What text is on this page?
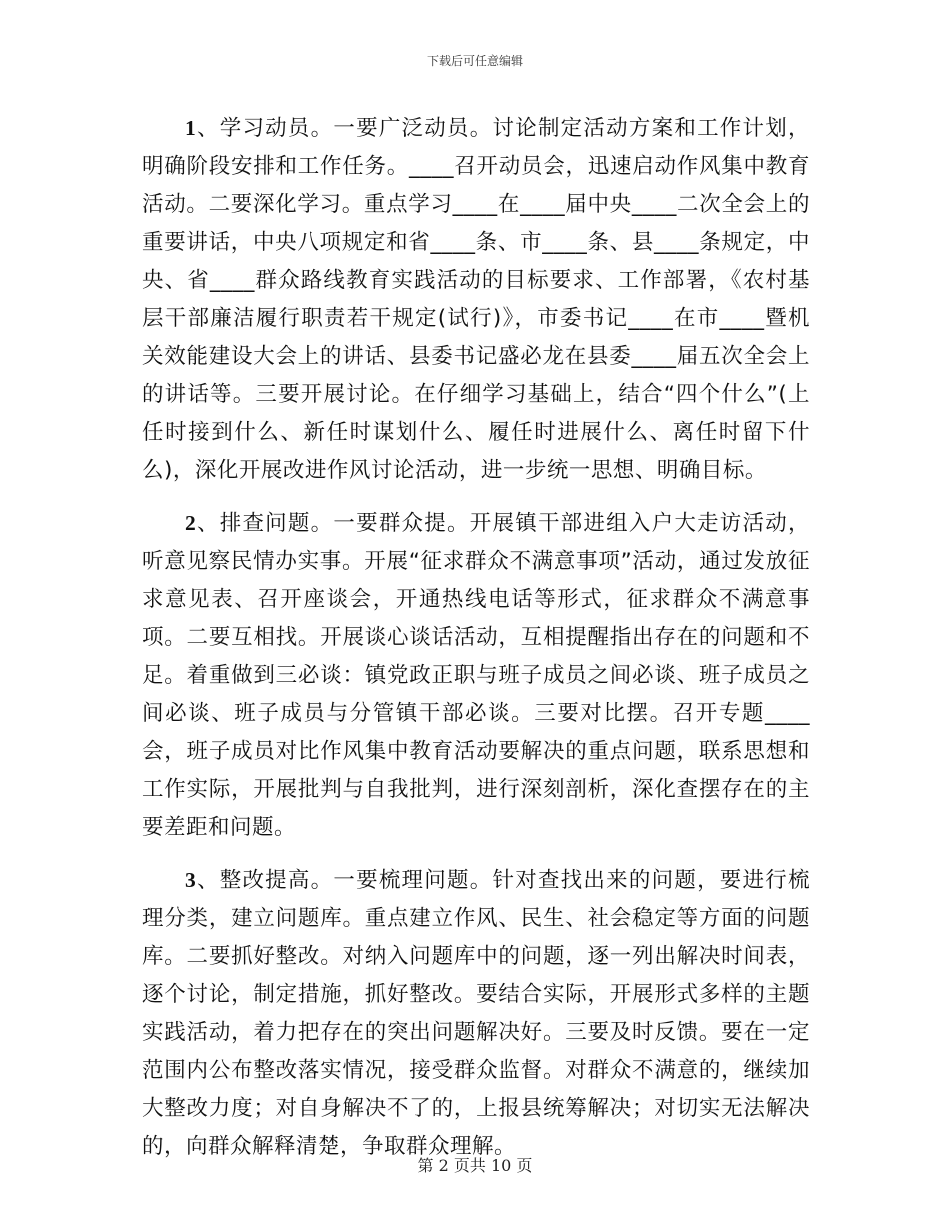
下载后可任意编辑

1、学习动员。一要广泛动员。讨论制定活动方案和工作计划，明确阶段安排和工作任务。____召开动员会，迅速启动作风集中教育活动。二要深化学习。重点学习____在____届中央____二次全会上的重要讲话，中央八项规定和省____条、市____条、县____条规定，中央、省____群众路线教育实践活动的目标要求、工作部署，《农村基层干部廉洁履行职责若干规定(试行)》，市委书记____在市____暨机关效能建设大会上的讲话、县委书记盛必龙在县委____届五次全会上的讲话等。三要开展讨论。在仔细学习基础上，结合“四个什么”(上任时接到什么、新任时谋划什么、履任时进展什么、离任时留下什么)，深化开展改进作风讨论活动，进一步统一思想、明确目标。

2、排查问题。一要群众提。开展镇干部进组入户大走访活动，听意见察民情办实事。开展“征求群众不满意事项”活动，通过发放征求意见表、召开座谈会，开通热线电话等形式，征求群众不满意事项。二要互相找。开展谈心谈话活动，互相提醒指出存在的问题和不足。着重做到三必谈：镇党政正职与班子成员之间必谈、班子成员之间必谈、班子成员与分管镇干部必谈。三要对比摆。召开专题____会，班子成员对比作风集中教育活动要解决的重点问题，联系思想和工作实际，开展批判与自我批判，进行深刻剖析，深化查摆存在的主要差距和问题。

3、整改提高。一要梳理问题。针对查找出来的问题，要进行梳理分类，建立问题库。重点建立作风、民生、社会稳定等方面的问题库。二要抓好整改。对纳入问题库中的问题，逐一列出解决时间表，逐个讨论，制定措施，抓好整改。要结合实际，开展形式多样的主题实践活动，着力把存在的突出问题解决好。三要及时反馈。要在一定范围内公布整改落实情况，接受群众监督。对群众不满意的，继续加大整改力度；对自身解决不了的，上报县统筹解决；对切实无法解决的，向群众解释清楚，争取群众理解。

第 2 页共 10 页
